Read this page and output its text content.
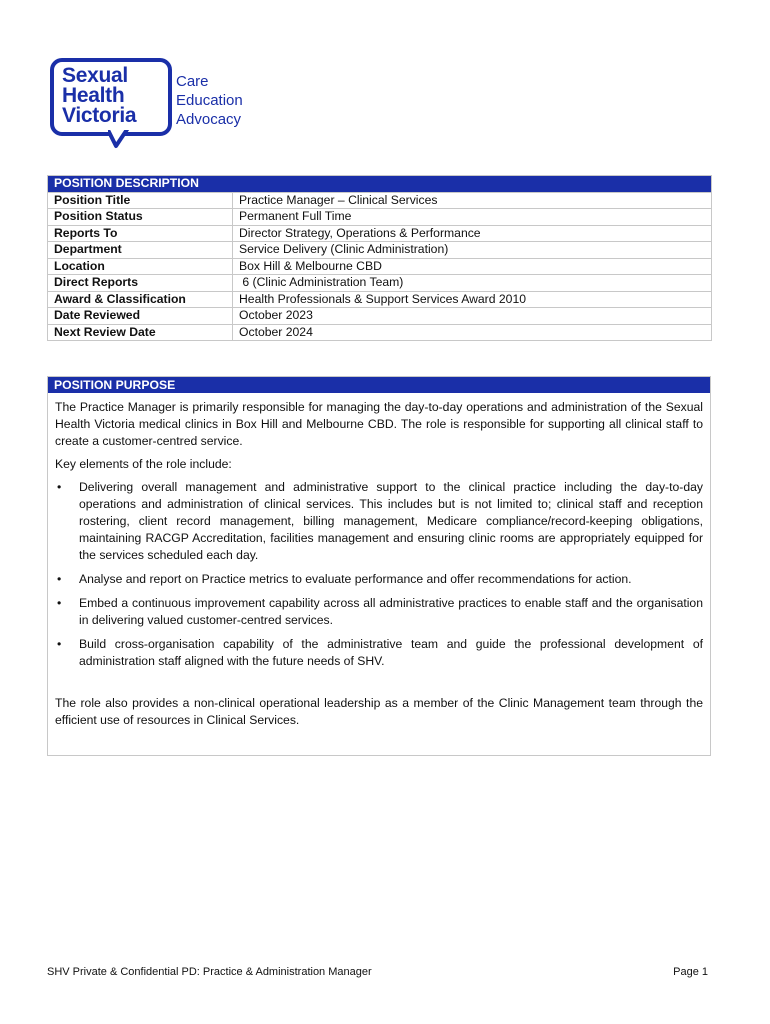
Sexual
Health
Victoria
Care
Education
Advocacy
POSITION DESCRIPTION	
Position Title	Practice Manager – Clinical Services
Position Status	Permanent Full Time
Reports To	Director Strategy, Operations & Performance
Department	Service Delivery (Clinic Administration)
Location	Box Hill & Melbourne CBD
Direct Reports	6 (Clinic Administration Team)
Award & Classification	Health Professionals & Support Services Award 2010
Date Reviewed	October 2023
Next Review Date	October 2024
POSITION PURPOSE

The Practice Manager is primarily responsible for managing the day-to-day operations and administration of the Sexual Health Victoria medical clinics in Box Hill and Melbourne CBD. The role is responsible for supporting all clinical staff to create a customer-centred service.

Key elements of the role include:

• Delivering overall management and administrative support to the clinical practice including the day-to-day operations and administration of clinical services. This includes but is not limited to; clinical staff and reception rostering, client record management, billing management, Medicare compliance/record-keeping obligations, maintaining RACGP Accreditation, facilities management and ensuring clinic rooms are appropriately equipped for the services scheduled each day.
• Analyse and report on Practice metrics to evaluate performance and offer recommendations for action.
• Embed a continuous improvement capability across all administrative practices to enable staff and the organisation in delivering valued customer-centred services.
• Build cross-organisation capability of the administrative team and guide the professional development of administration staff aligned with the future needs of SHV.

The role also provides a non-clinical operational leadership as a member of the Clinic Management team through the efficient use of resources in Clinical Services.

SHV Private & Confidential PD: Practice & Administration Manager	Page 1
